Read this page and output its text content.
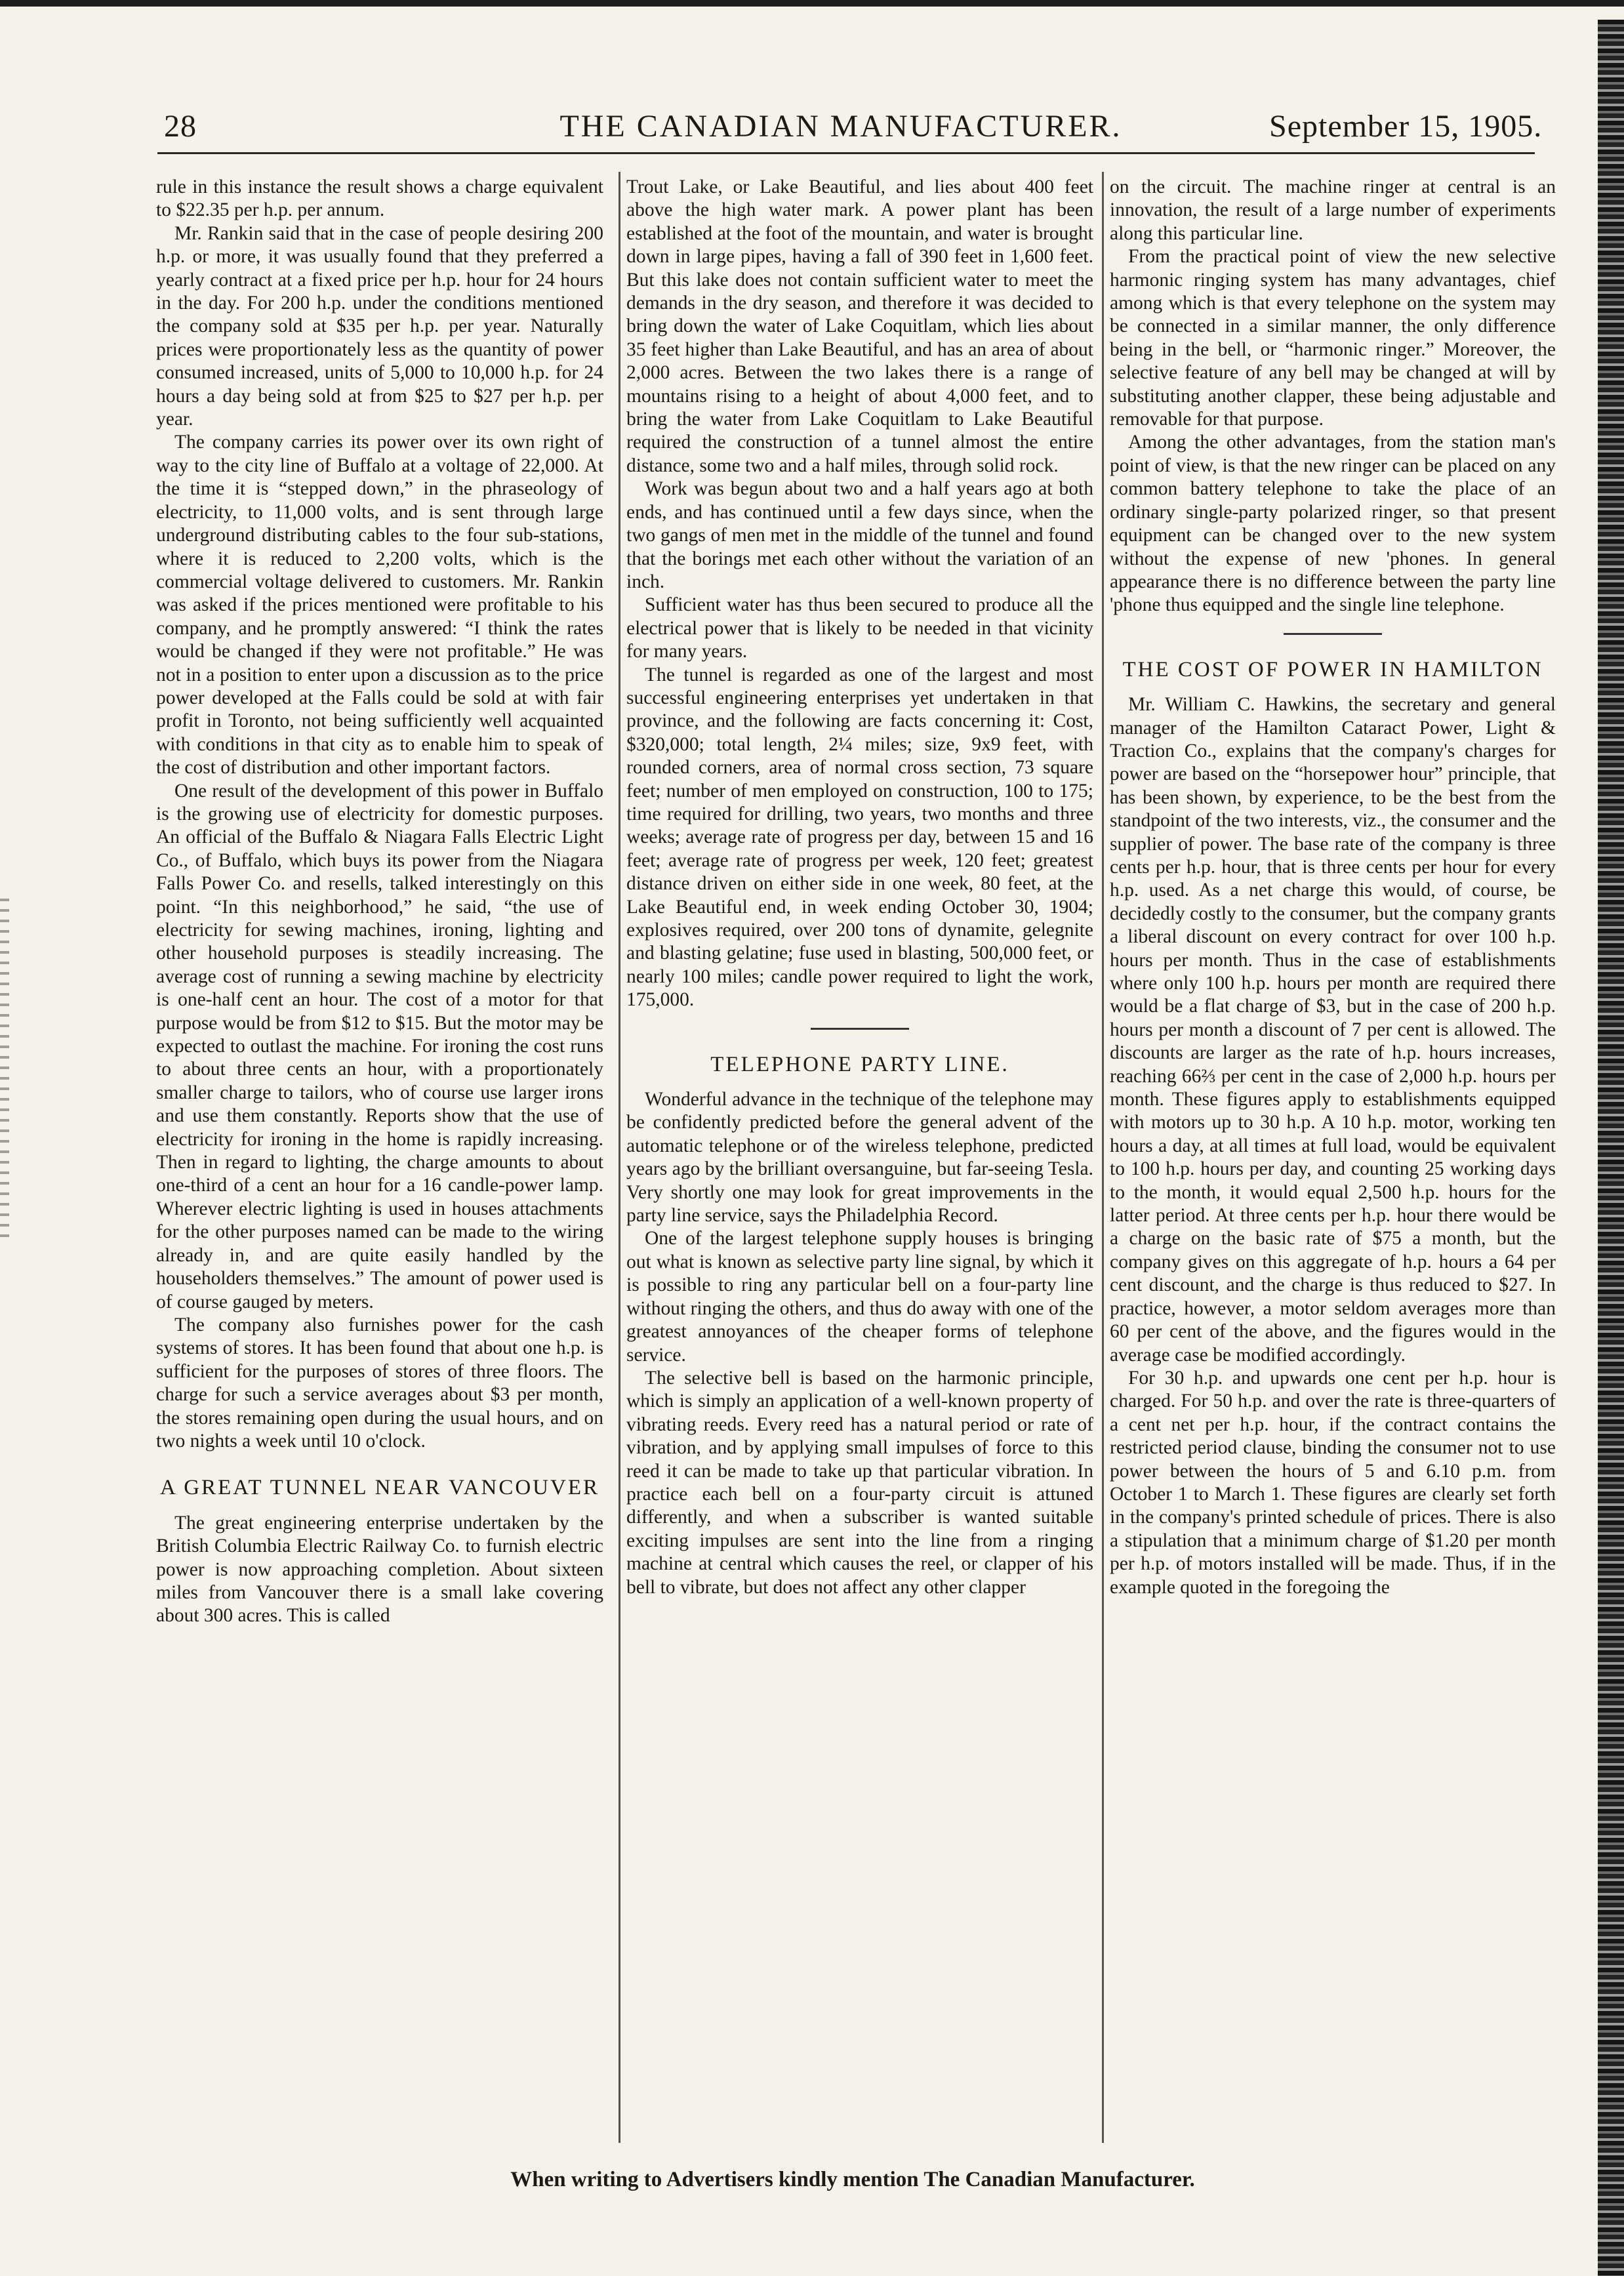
28	THE CANADIAN MANUFACTURER.	September 15, 1905.

rule in this instance the result shows a charge equivalent to $22.35 per h.p. per annum.

Mr. Rankin said that in the case of people desiring 200 h.p. or more, it was usually found that they preferred a yearly contract at a fixed price per h.p. hour for 24 hours in the day. For 200 h.p. under the conditions mentioned the company sold at $35 per h.p. per year. Naturally prices were proportionately less as the quantity of power consumed increased, units of 5,000 to 10,000 h.p. for 24 hours a day being sold at from $25 to $27 per h.p. per year.

The company carries its power over its own right of way to the city line of Buffalo at a voltage of 22,000. At the time it is “stepped down,” in the phraseology of electricity, to 11,000 volts, and is sent through large underground distributing cables to the four sub-stations, where it is reduced to 2,200 volts, which is the commercial voltage delivered to customers. Mr. Rankin was asked if the prices mentioned were profitable to his company, and he promptly answered: “I think the rates would be changed if they were not profitable.” He was not in a position to enter upon a discussion as to the price power developed at the Falls could be sold at with fair profit in Toronto, not being sufficiently well acquainted with conditions in that city as to enable him to speak of the cost of distribution and other important factors.

One result of the development of this power in Buffalo is the growing use of electricity for domestic purposes. An official of the Buffalo & Niagara Falls Electric Light Co., of Buffalo, which buys its power from the Niagara Falls Power Co. and resells, talked interestingly on this point. “In this neighborhood,” he said, “the use of electricity for sewing machines, ironing, lighting and other household purposes is steadily increasing. The average cost of running a sewing machine by electricity is one-half cent an hour. The cost of a motor for that purpose would be from $12 to $15. But the motor may be expected to outlast the machine. For ironing the cost runs to about three cents an hour, with a proportionately smaller charge to tailors, who of course use larger irons and use them constantly. Reports show that the use of electricity for ironing in the home is rapidly increasing. Then in regard to lighting, the charge amounts to about one-third of a cent an hour for a 16 candle-power lamp. Wherever electric lighting is used in houses attachments for the other purposes named can be made to the wiring already in, and are quite easily handled by the householders themselves.” The amount of power used is of course gauged by meters.

The company also furnishes power for the cash systems of stores. It has been found that about one h.p. is sufficient for the purposes of stores of three floors. The charge for such a service averages about $3 per month, the stores remaining open during the usual hours, and on two nights a week until 10 o'clock.

A GREAT TUNNEL NEAR VANCOUVER

The great engineering enterprise undertaken by the British Columbia Electric Railway Co. to furnish electric power is now approaching completion. About sixteen miles from Vancouver there is a small lake covering about 300 acres. This is called

Trout Lake, or Lake Beautiful, and lies about 400 feet above the high water mark. A power plant has been established at the foot of the mountain, and water is brought down in large pipes, having a fall of 390 feet in 1,600 feet. But this lake does not contain sufficient water to meet the demands in the dry season, and therefore it was decided to bring down the water of Lake Coquitlam, which lies about 35 feet higher than Lake Beautiful, and has an area of about 2,000 acres. Between the two lakes there is a range of mountains rising to a height of about 4,000 feet, and to bring the water from Lake Coquitlam to Lake Beautiful required the construction of a tunnel almost the entire distance, some two and a half miles, through solid rock.

Work was begun about two and a half years ago at both ends, and has continued until a few days since, when the two gangs of men met in the middle of the tunnel and found that the borings met each other without the variation of an inch.

Sufficient water has thus been secured to produce all the electrical power that is likely to be needed in that vicinity for many years.

The tunnel is regarded as one of the largest and most successful engineering enterprises yet undertaken in that province, and the following are facts concerning it: Cost, $320,000; total length, 2¼ miles; size, 9x9 feet, with rounded corners, area of normal cross section, 73 square feet; number of men employed on construction, 100 to 175; time required for drilling, two years, two months and three weeks; average rate of progress per day, between 15 and 16 feet; average rate of progress per week, 120 feet; greatest distance driven on either side in one week, 80 feet, at the Lake Beautiful end, in week ending October 30, 1904; explosives required, over 200 tons of dynamite, gelegnite and blasting gelatine; fuse used in blasting, 500,000 feet, or nearly 100 miles; candle power required to light the work, 175,000.

TELEPHONE PARTY LINE.

Wonderful advance in the technique of the telephone may be confidently predicted before the general advent of the automatic telephone or of the wireless telephone, predicted years ago by the brilliant oversanguine, but far-seeing Tesla. Very shortly one may look for great improvements in the party line service, says the Philadelphia Record.

One of the largest telephone supply houses is bringing out what is known as selective party line signal, by which it is possible to ring any particular bell on a four-party line without ringing the others, and thus do away with one of the greatest annoyances of the cheaper forms of telephone service.

The selective bell is based on the harmonic principle, which is simply an application of a well-known property of vibrating reeds. Every reed has a natural period or rate of vibration, and by applying small impulses of force to this reed it can be made to take up that particular vibration. In practice each bell on a four-party circuit is attuned differently, and when a subscriber is wanted suitable exciting impulses are sent into the line from a ringing machine at central which causes the reel, or clapper of his bell to vibrate, but does not affect any other clapper

on the circuit. The machine ringer at central is an innovation, the result of a large number of experiments along this particular line.

From the practical point of view the new selective harmonic ringing system has many advantages, chief among which is that every telephone on the system may be connected in a similar manner, the only difference being in the bell, or “harmonic ringer.” Moreover, the selective feature of any bell may be changed at will by substituting another clapper, these being adjustable and removable for that purpose.

Among the other advantages, from the station man's point of view, is that the new ringer can be placed on any common battery telephone to take the place of an ordinary single-party polarized ringer, so that present equipment can be changed over to the new system without the expense of new 'phones. In general appearance there is no difference between the party line 'phone thus equipped and the single line telephone.

THE COST OF POWER IN HAMILTON

Mr. William C. Hawkins, the secretary and general manager of the Hamilton Cataract Power, Light & Traction Co., explains that the company's charges for power are based on the “horsepower hour” principle, that has been shown, by experience, to be the best from the standpoint of the two interests, viz., the consumer and the supplier of power. The base rate of the company is three cents per h.p. hour, that is three cents per hour for every h.p. used. As a net charge this would, of course, be decidedly costly to the consumer, but the company grants a liberal discount on every contract for over 100 h.p. hours per month. Thus in the case of establishments where only 100 h.p. hours per month are required there would be a flat charge of $3, but in the case of 200 h.p. hours per month a discount of 7 per cent is allowed. The discounts are larger as the rate of h.p. hours increases, reaching 66⅔ per cent in the case of 2,000 h.p. hours per month. These figures apply to establishments equipped with motors up to 30 h.p. A 10 h.p. motor, working ten hours a day, at all times at full load, would be equivalent to 100 h.p. hours per day, and counting 25 working days to the month, it would equal 2,500 h.p. hours for the latter period. At three cents per h.p. hour there would be a charge on the basic rate of $75 a month, but the company gives on this aggregate of h.p. hours a 64 per cent discount, and the charge is thus reduced to $27. In practice, however, a motor seldom averages more than 60 per cent of the above, and the figures would in the average case be modified accordingly.

For 30 h.p. and upwards one cent per h.p. hour is charged. For 50 h.p. and over the rate is three-quarters of a cent net per h.p. hour, if the contract contains the restricted period clause, binding the consumer not to use power between the hours of 5 and 6.10 p.m. from October 1 to March 1. These figures are clearly set forth in the company's printed schedule of prices. There is also a stipulation that a minimum charge of $1.20 per month per h.p. of motors installed will be made. Thus, if in the example quoted in the foregoing the

When writing to Advertisers kindly mention The Canadian Manufacturer.
